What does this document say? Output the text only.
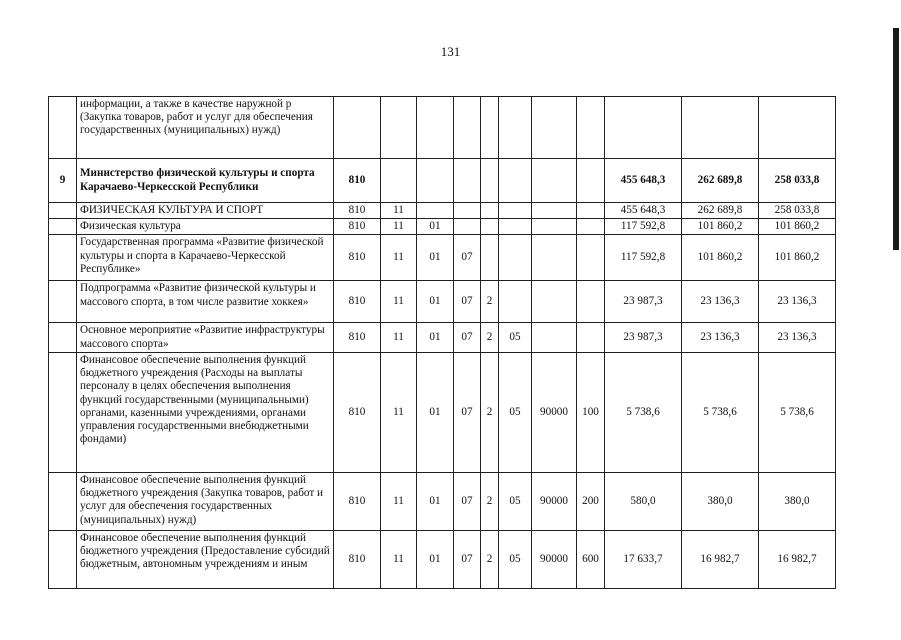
131
	информации, а также в качестве наружной р (Закупка товаров, работ и услуг для обеспечения государственных (муниципальных) нужд)											
9	Министерство физической культуры и спорта Карачаево-Черкесской Республики	810								455 648,3	262 689,8	258 033,8
	ФИЗИЧЕСКАЯ КУЛЬТУРА И СПОРТ	810	11							455 648,3	262 689,8	258 033,8
	Физическая культура	810	11	01						117 592,8	101 860,2	101 860,2
	Государственная программа «Развитие физической культуры и спорта в Карачаево-Черкесской Республике»	810	11	01	07					117 592,8	101 860,2	101 860,2
	Подпрограмма «Развитие физической культуры и массового спорта, в том числе развитие хоккея»	810	11	01	07	2				23 987,3	23 136,3	23 136,3
	Основное мероприятие «Развитие инфраструктуры массового спорта»	810	11	01	07	2	05			23 987,3	23 136,3	23 136,3
	Финансовое обеспечение выполнения функций бюджетного учреждения (Расходы на выплаты персоналу в целях обеспечения выполнения функций государственными (муниципальными) органами, казенными учреждениями, органами управления государственными внебюджетными фондами)	810	11	01	07	2	05	90000	100	5 738,6	5 738,6	5 738,6
	Финансовое обеспечение выполнения функций бюджетного учреждения (Закупка товаров, работ и услуг для обеспечения государственных (муниципальных) нужд)	810	11	01	07	2	05	90000	200	580,0	380,0	380,0
	Финансовое обеспечение выполнения функций бюджетного учреждения (Предоставление субсидий бюджетным, автономным учреждениям и иным	810	11	01	07	2	05	90000	600	17 633,7	16 982,7	16 982,7
